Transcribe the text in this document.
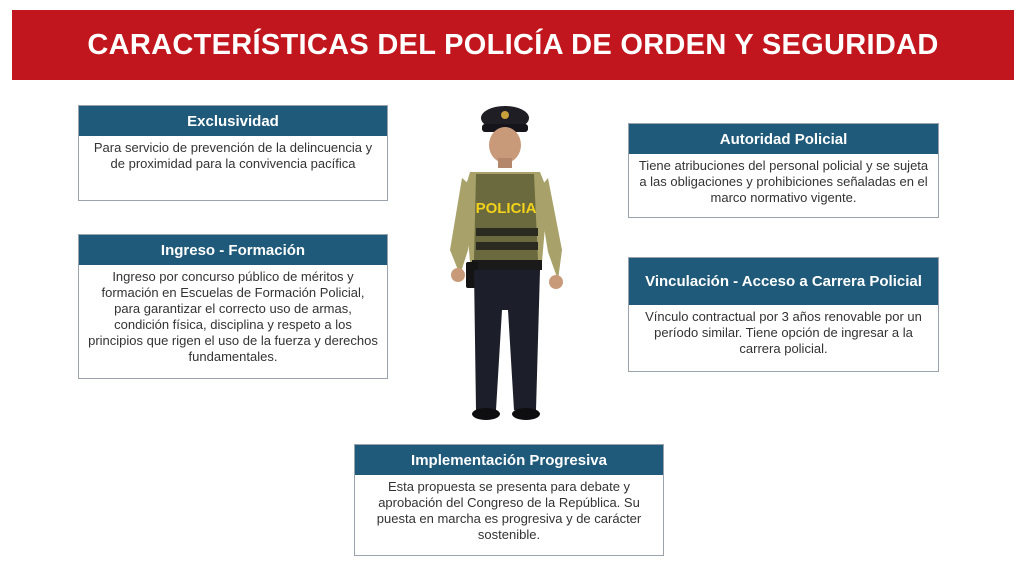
CARACTERÍSTICAS DEL POLICÍA DE ORDEN Y SEGURIDAD
Exclusividad
Para servicio de prevención de la delincuencia y de proximidad para la convivencia pacífica
Ingreso - Formación
Ingreso por concurso público de méritos y formación en Escuelas de Formación Policial, para garantizar el correcto uso de armas, condición física, disciplina y respeto a los principios que rigen el uso de la fuerza y derechos fundamentales.
Autoridad Policial
Tiene atribuciones del personal policial y se sujeta a las obligaciones y prohibiciones señaladas en el marco normativo vigente.
Vinculación - Acceso a Carrera Policial
Vínculo contractual por 3 años renovable por un período similar. Tiene opción de ingresar a la carrera policial.
Implementación Progresiva
Esta propuesta se presenta para debate y aprobación del Congreso de la República. Su puesta en marcha es progresiva y de carácter sostenible.
POLICIA
